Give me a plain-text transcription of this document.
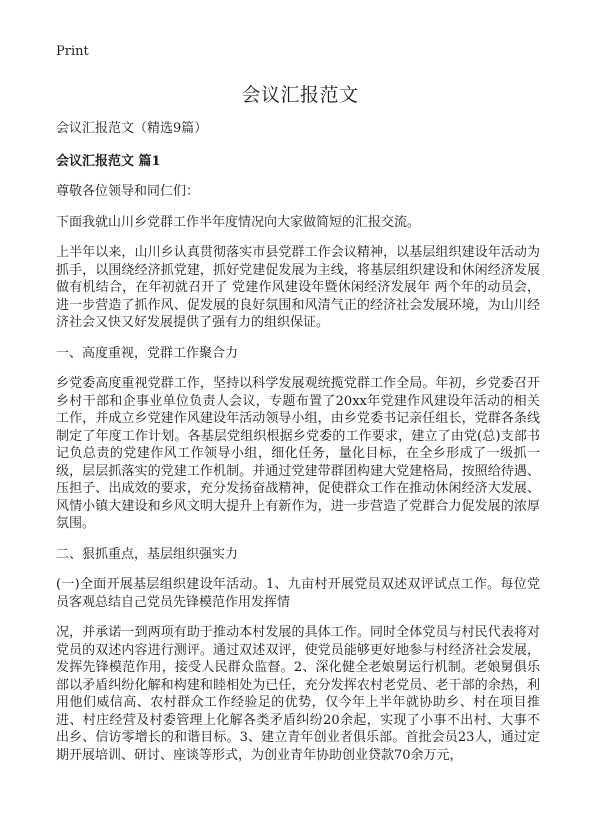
Print
会议汇报范文

会议汇报范文（精选9篇）

会议汇报范文 篇1

尊敬各位领导和同仁们：

下面我就山川乡党群工作半年度情况向大家做简短的汇报交流。

上半年以来，山川乡认真贯彻落实市县党群工作会议精神，以基层组织建设年活动为抓手，以围绕经济抓党建，抓好党建促发展为主线，将基层组织建设和休闲经济发展做有机结合，在年初就召开了 党建作风建设年暨休闲经济发展年 两个年的动员会，进一步营造了抓作风、促发展的良好氛围和风清气正的经济社会发展环境，为山川经济社会又快又好发展提供了强有力的组织保证。

一、高度重视，党群工作聚合力

乡党委高度重视党群工作，坚持以科学发展观统揽党群工作全局。年初，乡党委召开乡村干部和企事业单位负责人会议，专题布置了20xx年党建作风建设年活动的相关工作，并成立乡党建作风建设年活动领导小组，由乡党委书记亲任组长，党群各条线制定了年度工作计划。各基层党组织根据乡党委的工作要求，建立了由党(总)支部书记负总责的党建作风工作领导小组，细化任务，量化目标，在全乡形成了一级抓一级，层层抓落实的党建工作机制。并通过党建带群团构建大党建格局，按照给待遇、压担子、出成效的要求，充分发扬奋战精神，促使群众工作在推动休闲经济大发展、风情小镇大建设和乡风文明大提升上有新作为，进一步营造了党群合力促发展的浓厚氛围。

二、狠抓重点，基层组织强实力

(一)全面开展基层组织建设年活动。1、九亩村开展党员双述双评试点工作。每位党员客观总结自己党员先锋模范作用发挥情

况，并承诺一到两项有助于推动本村发展的具体工作。同时全体党员与村民代表将对党员的双述内容进行测评。通过双述双评，使党员能够更好地参与村经济社会发展，发挥先锋模范作用，接受人民群众监督。2、深化健全老娘舅运行机制。老娘舅俱乐部以矛盾纠纷化解和构建和睦相处为已任，充分发挥农村老党员、老干部的余热，利用他们威信高、农村群众工作经验足的优势，仅今年上半年就协助乡、村在项目推进、村庄经营及村委管理上化解各类矛盾纠纷20余起，实现了小事不出村、大事不出乡、信访零增长的和谐目标。3、建立青年创业者俱乐部。首批会员23人，通过定期开展培训、研讨、座谈等形式，为创业青年协助创业贷款70余万元，
